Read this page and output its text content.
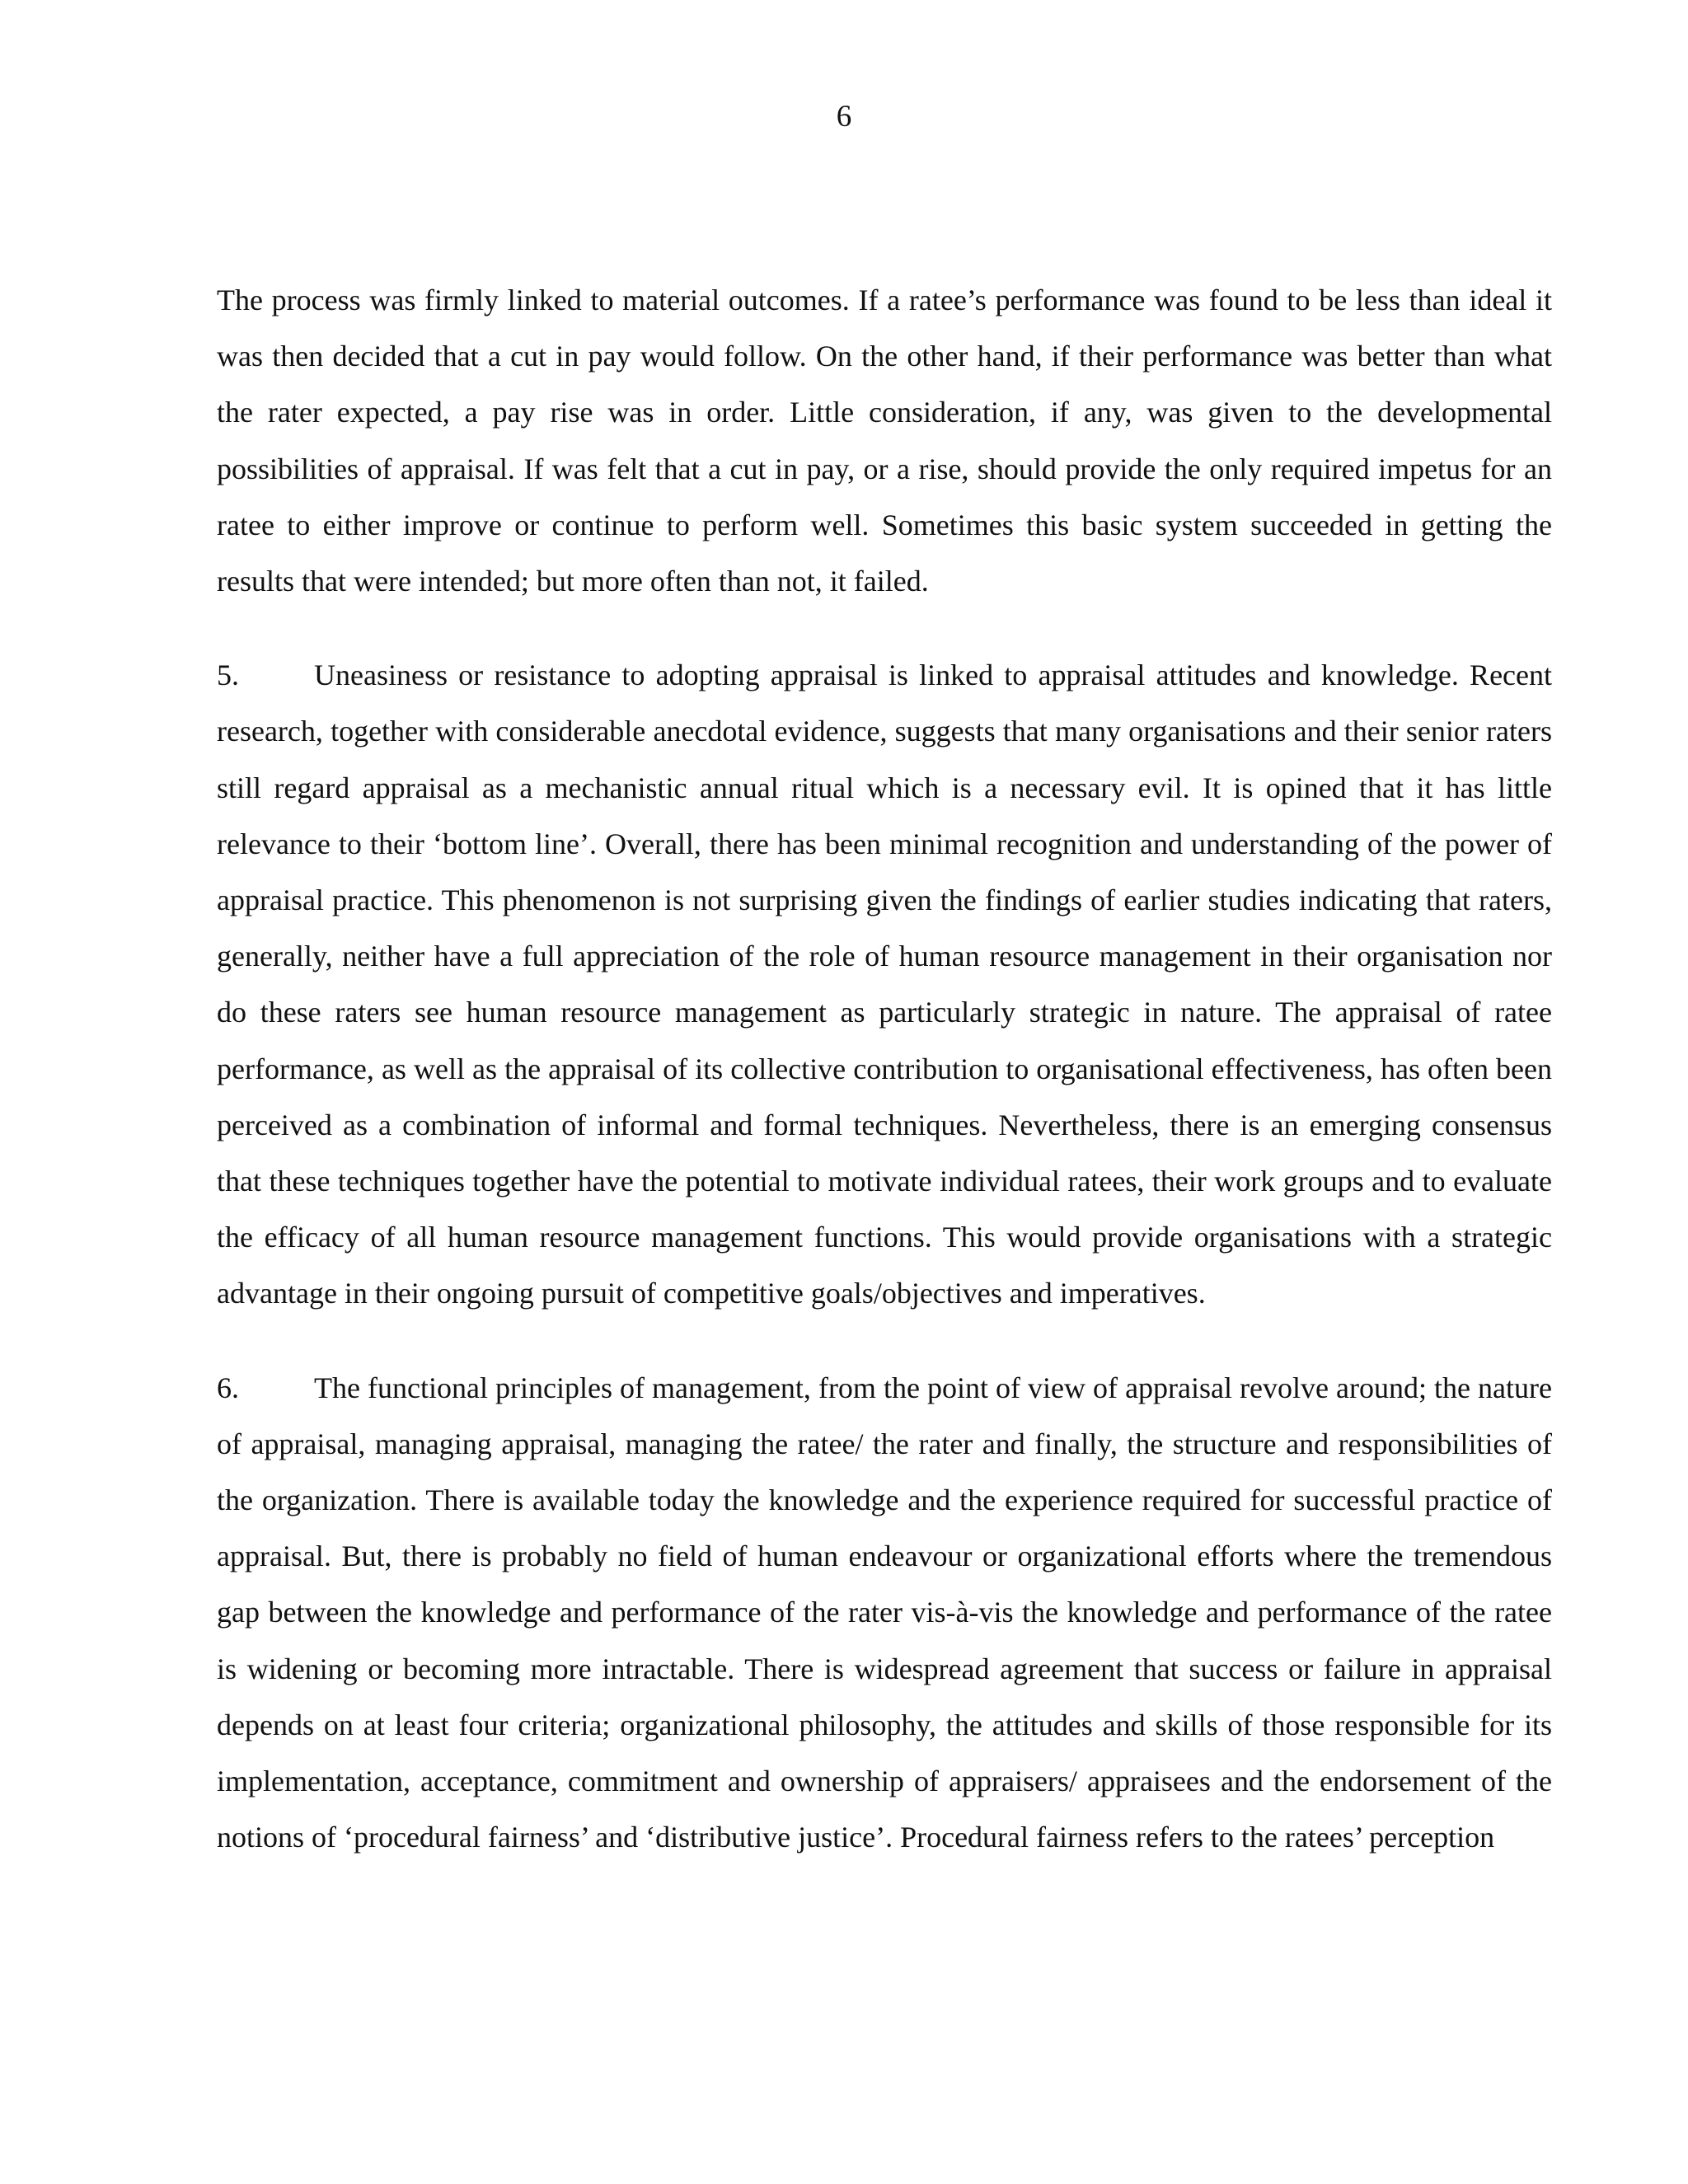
6

The process was firmly linked to material outcomes. If a ratee’s performance was found to be less than ideal it was then decided that a cut in pay would follow. On the other hand, if their performance was better than what the rater expected, a pay rise was in order. Little consideration, if any, was given to the developmental possibilities of appraisal. If was felt that a cut in pay, or a rise, should provide the only required impetus for an ratee to either improve or continue to perform well. Sometimes this basic system succeeded in getting the results that were intended; but more often than not, it failed.

5.	Uneasiness or resistance to adopting appraisal is linked to appraisal attitudes and knowledge. Recent research, together with considerable anecdotal evidence, suggests that many organisations and their senior raters still regard appraisal as a mechanistic annual ritual which is a necessary evil. It is opined that it has little relevance to their ‘bottom line’. Overall, there has been minimal recognition and understanding of the power of appraisal practice. This phenomenon is not surprising given the findings of earlier studies indicating that raters, generally, neither have a full appreciation of the role of human resource management in their organisation nor do these raters see human resource management as particularly strategic in nature. The appraisal of ratee performance, as well as the appraisal of its collective contribution to organisational effectiveness, has often been perceived as a combination of informal and formal techniques. Nevertheless, there is an emerging consensus that these techniques together have the potential to motivate individual ratees, their work groups and to evaluate the efficacy of all human resource management functions. This would provide organisations with a strategic advantage in their ongoing pursuit of competitive goals/objectives and imperatives.

6.	The functional principles of management, from the point of view of appraisal revolve around; the nature of appraisal, managing appraisal, managing the ratee/ the rater and finally, the structure and responsibilities of the organization. There is available today the knowledge and the experience required for successful practice of appraisal. But, there is probably no field of human endeavour or organizational efforts where the tremendous gap between the knowledge and performance of the rater vis-à-vis the knowledge and performance of the ratee is widening or becoming more intractable. There is widespread agreement that success or failure in appraisal depends on at least four criteria; organizational philosophy, the attitudes and skills of those responsible for its implementation, acceptance, commitment and ownership of appraisers/ appraisees and the endorsement of the notions of ‘procedural fairness’ and ‘distributive justice’. Procedural fairness refers to the ratees’ perception
